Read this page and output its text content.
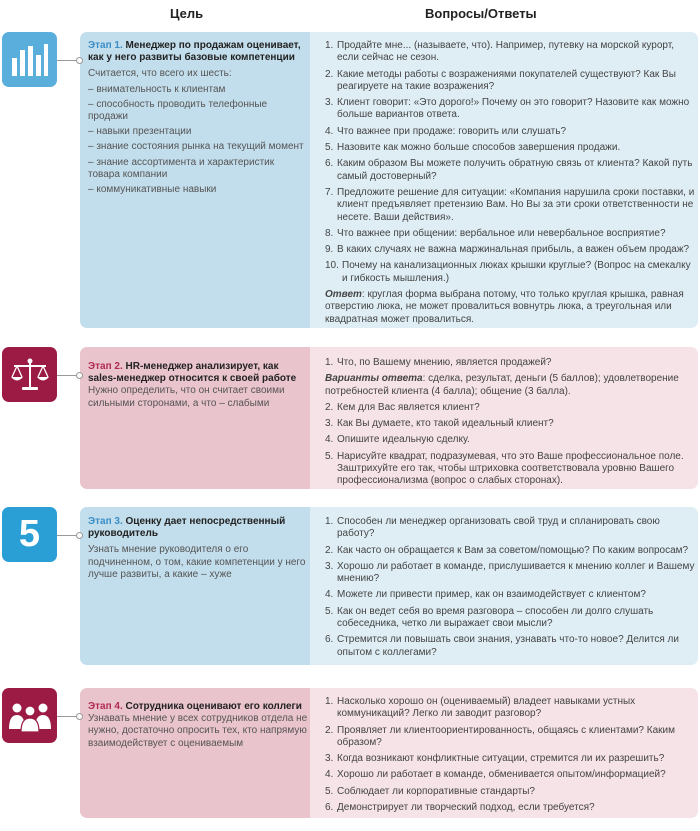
Цель	Вопросы/Ответы
Этап 1. Менеджер по продажам оценивает, как у него развиты базовые компетенции
Считается, что всего их шесть:
– внимательность к клиентам
– способность проводить телефонные продажи
– навыки презентации
– знание состояния рынка на текущий момент
– знание ассортимента и характеристик товара компании
– коммуникативные навыки
1. Продайте мне... (называете, что). Например, путевку на морской курорт, если сейчас не сезон.
2. Какие методы работы с возражениями покупателей существуют? Как Вы реагируете на такие возражения?
3. Клиент говорит: «Это дорого!» Почему он это говорит? Назовите как можно больше вариантов ответа.
4. Что важнее при продаже: говорить или слушать?
5. Назовите как можно больше способов завершения продажи.
6. Каким образом Вы можете получить обратную связь от клиента? Какой путь самый достоверный?
7. Предложите решение для ситуации: «Компания нарушила сроки поставки, и клиент предъявляет претензию Вам. Но Вы за эти сроки ответственности не несете. Ваши действия».
8. Что важнее при общении: вербальное или невербальное восприятие?
9. В каких случаях не важна маржинальная прибыль, а важен объем продаж?
10. Почему на канализационных люках крышки круглые? (Вопрос на смекалку и гибкость мышления.)
Ответ: круглая форма выбрана потому, что только круглая крышка, равная отверстию люка, не может провалиться вовнутрь люка, а треугольная или квадратная может провалиться.
Этап 2. HR-менеджер анализирует, как sales-менеджер относится к своей работе
Нужно определить, что он считает своими сильными сторонами, а что – слабыми
1. Что, по Вашему мнению, является продажей?
Варианты ответа: сделка, результат, деньги (5 баллов); удовлетворение потребностей клиента (4 балла); общение (3 балла).
2. Кем для Вас является клиент?
3. Как Вы думаете, кто такой идеальный клиент?
4. Опишите идеальную сделку.
5. Нарисуйте квадрат, подразумевая, что это Ваше профессиональное поле. Заштрихуйте его так, чтобы штриховка соответствовала уровню Вашего профессионализма (вопрос о слабых сторонах).
5	Этап 3. Оценку дает непосредственный руководитель
Узнать мнение руководителя о его подчиненном, о том, какие компетенции у него лучше развиты, а какие – хуже
1. Способен ли менеджер организовать свой труд и спланировать свою работу?
2. Как часто он обращается к Вам за советом/помощью? По каким вопросам?
3. Хорошо ли работает в команде, прислушивается к мнению коллег и Вашему мнению?
4. Можете ли привести пример, как он взаимодействует с клиентом?
5. Как он ведет себя во время разговора – способен ли долго слушать собеседника, четко ли выражает свои мысли?
6. Стремится ли повышать свои знания, узнавать что-то новое? Делится ли опытом с коллегами?
Этап 4. Сотрудника оценивают его коллеги
Узнавать мнение у всех сотрудников отдела не нужно, достаточно опросить тех, кто напрямую взаимодействует с оцениваемым
1. Насколько хорошо он (оцениваемый) владеет навыками устных коммуникаций? Легко ли заводит разговор?
2. Проявляет ли клиентоориентированность, общаясь с клиентами? Каким образом?
3. Когда возникают конфликтные ситуации, стремится ли их разрешить?
4. Хорошо ли работает в команде, обменивается опытом/информацией?
5. Соблюдает ли корпоративные стандарты?
6. Демонстрирует ли творческий подход, если требуется?
